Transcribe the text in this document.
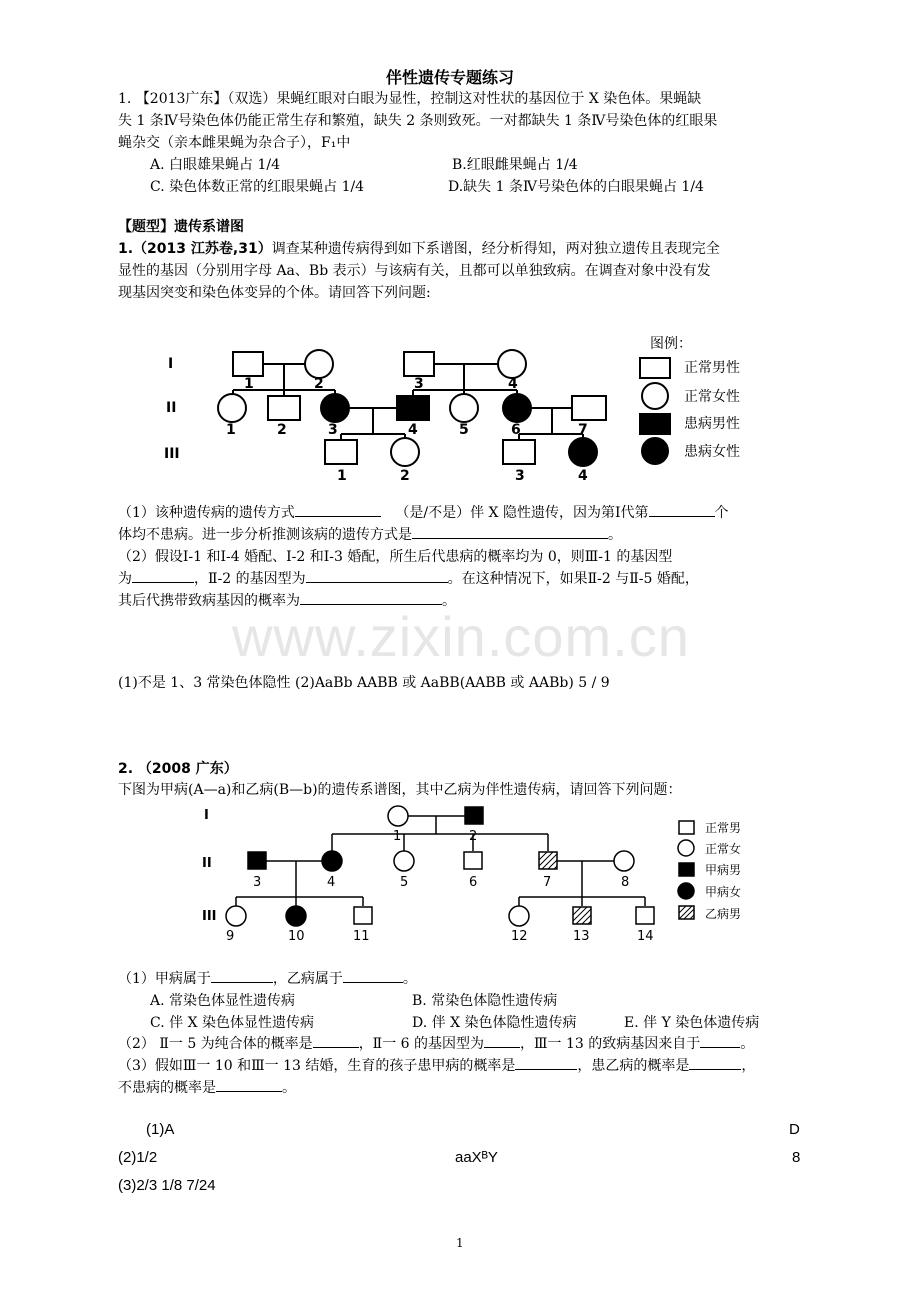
伴性遗传专题练习
1. 【2013广东】（双选）果蝇红眼对白眼为显性，控制这对性状的基因位于 X 染色体。果蝇缺
失 1 条Ⅳ号染色体仍能正常生存和繁殖，缺失 2 条则致死。一对都缺失 1 条Ⅳ号染色体的红眼果
蝇杂交（亲本雌果蝇为杂合子），F₁中
A. 白眼雄果蝇占 1/4	B.红眼雌果蝇占 1/4
C. 染色体数正常的红眼果蝇占 1/4	D.缺失 1 条Ⅳ号染色体的白眼果蝇占 1/4
【题型】遗传系谱图
1.（2013 江苏卷,31）调查某种遗传病得到如下系谱图，经分析得知，两对独立遗传且表现完全
显性的基因（分别用字母 Aa、Bb 表示）与该病有关，且都可以单独致病。在调查对象中没有发
现基因突变和染色体变异的个体。请回答下列问题:
I
II
III
1	2	3	4
1	2	3	4	5	6	7
1	2	3	4
图例：
正常男性
正常女性
患病男性
患病女性
（1）该种遗传病的遗传方式	（是/不是）伴 X 隐性遗传，因为第Ⅰ代第	个
体均不患病。进一步分析推测该病的遗传方式是	。
（2）假设Ⅰ-1 和Ⅰ-4 婚配、Ⅰ-2 和Ⅰ-3 婚配，所生后代患病的概率均为 0，则Ⅲ-1 的基因型
为	，Ⅱ-2 的基因型为	。在这种情况下，如果Ⅱ-2 与Ⅱ-5 婚配，
其后代携带致病基因的概率为	。
www.zixin.com.cn
(1)不是 1、3 常染色体隐性 (2)AaBb AABB 或 AaBB(AABB 或 AABb) 5 / 9
2. （2008 广东）
下图为甲病(A—a)和乙病(B—b)的遗传系谱图，其中乙病为伴性遗传病，请回答下列问题：
I
II
III
1	2
3	4	5	6	7	8
9	10	11	12	13	14
正常男
正常女
甲病男
甲病女
乙病男
（1）甲病属于	，乙病属于	。
A. 常染色体显性遗传病	B. 常染色体隐性遗传病
C. 伴 X 染色体显性遗传病	D. 伴 X 染色体隐性遗传病	E. 伴 Y 染色体遗传病
（2） Ⅱ一 5 为纯合体的概率是	，Ⅱ一 6 的基因型为	，Ⅲ一 13 的致病基因来自于	。
（3）假如Ⅲ一 10 和Ⅲ一 13 结婚，生育的孩子患甲病的概率是	，患乙病的概率是	，
不患病的概率是	。
(1)A	D
(2)1/2	aaXᴮY	8
(3)2/3 1/8 7/24
1
